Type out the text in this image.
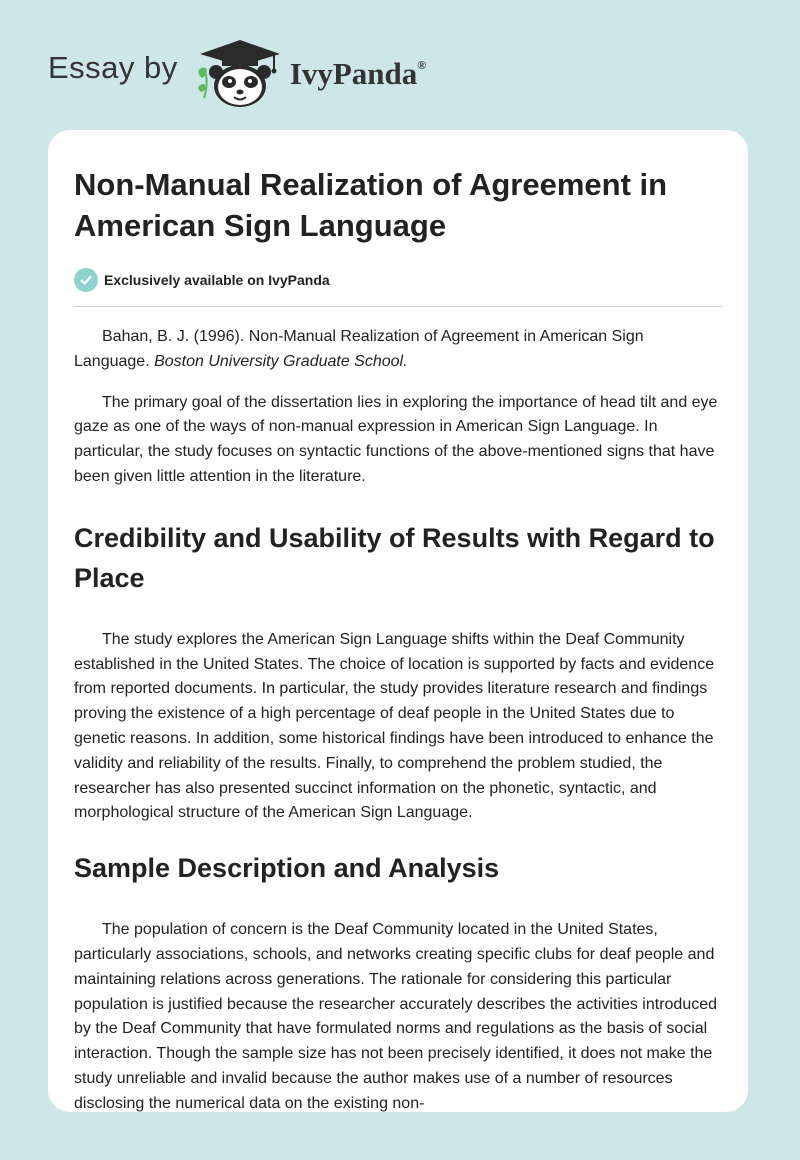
Essay by	IvyPanda®
Non-Manual Realization of Agreement in American Sign Language
Exclusively available on IvyPanda

Bahan, B. J. (1996). Non-Manual Realization of Agreement in American Sign Language. Boston University Graduate School.

The primary goal of the dissertation lies in exploring the importance of head tilt and eye gaze as one of the ways of non-manual expression in American Sign Language. In particular, the study focuses on syntactic functions of the above-mentioned signs that have been given little attention in the literature.

Credibility and Usability of Results with Regard to Place

The study explores the American Sign Language shifts within the Deaf Community established in the United States. The choice of location is supported by facts and evidence from reported documents. In particular, the study provides literature research and findings proving the existence of a high percentage of deaf people in the United States due to genetic reasons. In addition, some historical findings have been introduced to enhance the validity and reliability of the results. Finally, to comprehend the problem studied, the researcher has also presented succinct information on the phonetic, syntactic, and morphological structure of the American Sign Language.

Sample Description and Analysis

The population of concern is the Deaf Community located in the United States, particularly associations, schools, and networks creating specific clubs for deaf people and maintaining relations across generations. The rationale for considering this particular population is justified because the researcher accurately describes the activities introduced by the Deaf Community that have formulated norms and regulations as the basis of social interaction. Though the sample size has not been precisely identified, it does not make the study unreliable and invalid because the author makes use of a number of resources disclosing the numerical data on the existing non-
